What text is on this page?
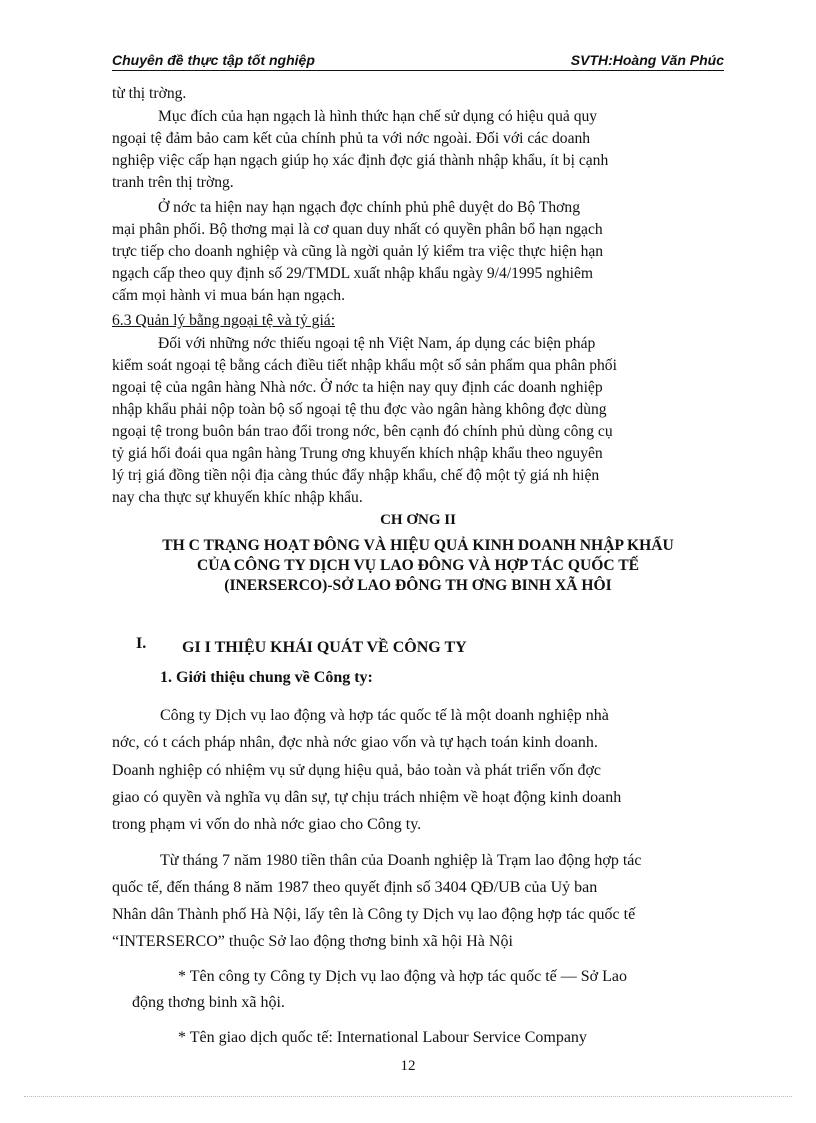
Chuyên đề thực tập tốt nghiệp	SVTH:Hoàng Văn Phúc
từ thị trờng.
Mục đích của hạn ngạch là hình thức hạn chế sử dụng có hiệu quả quy
ngoại tệ đảm bảo cam kết của chính phủ ta với nớc ngoài. Đối với các doanh
nghiệp việc cấp hạn ngạch giúp họ xác định đợc giá thành nhập khẩu, ít bị cạnh
tranh trên thị trờng.
Ở nớc ta hiện nay hạn ngạch đợc chính phủ phê duyệt do Bộ Thơng
mại phân phối. Bộ thơng mại là cơ quan duy nhất có quyền phân bổ hạn ngạch
trực tiếp cho doanh nghiệp và cũng là ngời quản lý kiểm tra việc thực hiện hạn
ngạch cấp theo quy định số 29/TMDL xuất nhập khẩu ngày 9/4/1995 nghiêm
cấm mọi hành vi mua bán hạn ngạch.
6.3 Quản lý bằng ngoại tệ và tỷ giá:
Đối với những nớc thiếu ngoại tệ nh Việt Nam, áp dụng các biện pháp
kiểm soát ngoại tệ bằng cách điều tiết nhập khẩu một số sản phẩm qua phân phối
ngoại tệ của ngân hàng Nhà nớc. Ở nớc ta hiện nay quy định các doanh nghiệp
nhập khẩu phải nộp toàn bộ số ngoại tệ thu đợc vào ngân hàng không đợc dùng
ngoại tệ trong buôn bán trao đổi trong nớc, bên cạnh đó chính phủ dùng công cụ
tỷ giá hối đoái qua ngân hàng Trung ơng khuyến khích nhập khẩu theo nguyên
lý trị giá đồng tiền nội địa càng thúc đẩy nhập khẩu, chế độ một tỷ giá nh hiện
nay cha thực sự khuyến khíc nhập khẩu.
CH ƠNG II
TH C TRẠNG HOẠT ĐÔNG VÀ HIỆU QUẢ KINH DOANH NHẬP KHẨU
CỦA CÔNG TY DỊCH VỤ LAO ĐÔNG VÀ HỢP TÁC QUỐC TẾ
(INERSERCO)-SỞ LAO ĐÔNG TH ƠNG BINH XÃ HÔI
I. GI I THIỆU KHÁI QUÁT VỀ CÔNG TY
1. Giới thiệu chung về Công ty:
Công ty Dịch vụ lao động và hợp tác quốc tế là một doanh nghiệp nhà
nớc, có t cách pháp nhân, đợc nhà nớc giao vốn và tự hạch toán kinh doanh.
Doanh nghiệp có nhiệm vụ sử dụng hiệu quả, bảo toàn và phát triển vốn đợc
giao có quyền và nghĩa vụ dân sự, tự chịu trách nhiệm về hoạt động kinh doanh
trong phạm vi vốn do nhà nớc giao cho Công ty.
Từ tháng 7 năm 1980 tiền thân của Doanh nghiệp là Trạm lao động hợp tác
quốc tế, đến tháng 8 năm 1987 theo quyết định số 3404 QĐ/UB của Uỷ ban
Nhân dân Thành phố Hà Nội, lấy tên là Công ty Dịch vụ lao động hợp tác quốc tế
“INTERSERCO” thuộc Sở lao động thơng binh xã hội Hà Nội
* Tên công ty Công ty Dịch vụ lao động và hợp tác quốc tế — Sở Lao
động thơng binh xã hội.
* Tên giao dịch quốc tế: International Labour Service Company
12
